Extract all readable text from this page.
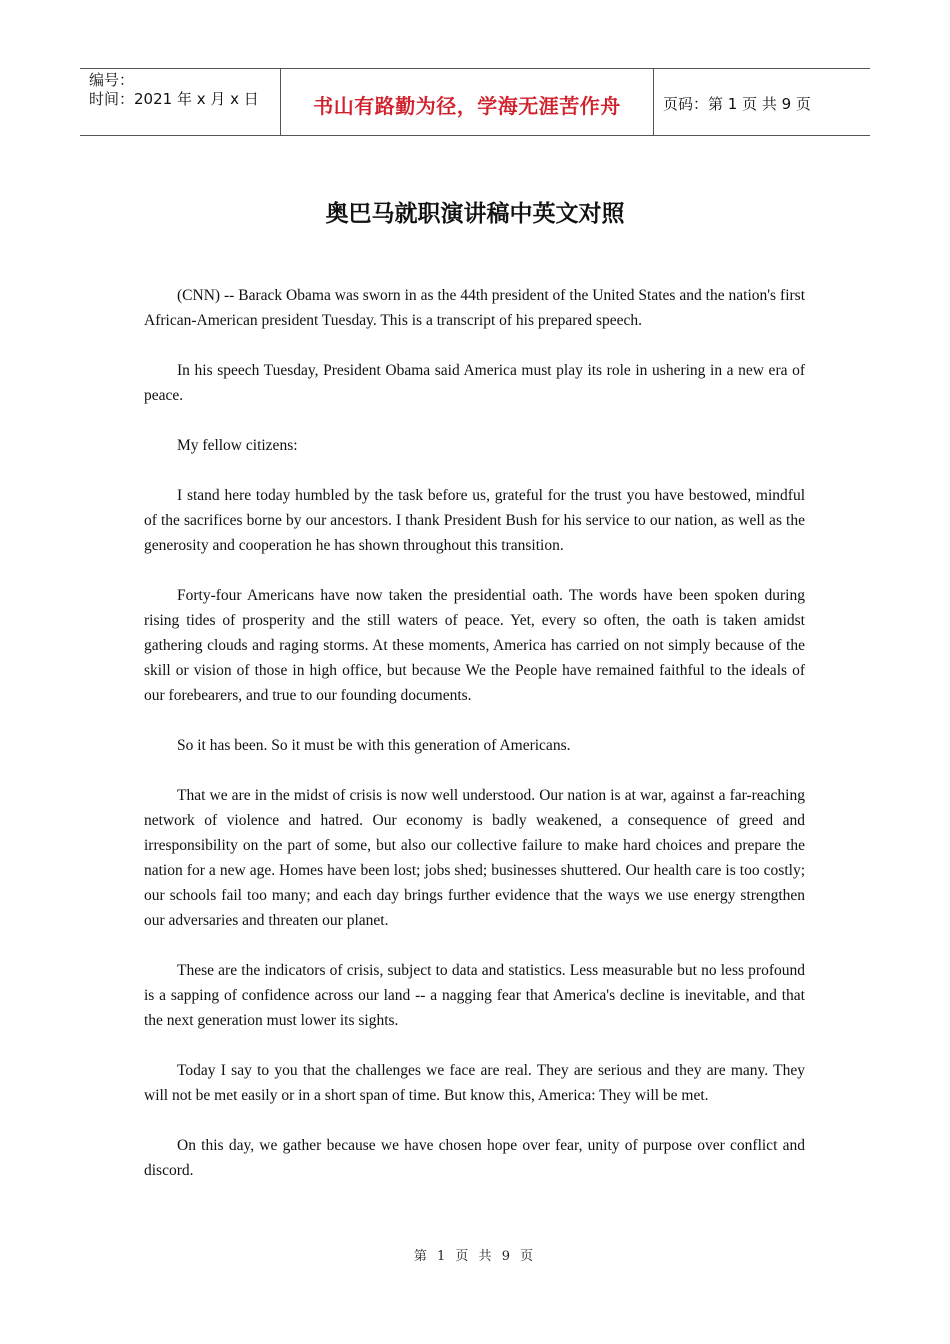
编号：
时间：2021 年 x 月 x 日	书山有路勤为径，学海无涯苦作舟	页码：第 1 页 共 9 页
奥巴马就职演讲稿中英文对照

(CNN) -- Barack Obama was sworn in as the 44th president of the United States and the nation's first African-American president Tuesday. This is a transcript of his prepared speech.

In his speech Tuesday, President Obama said America must play its role in ushering in a new era of peace.

My fellow citizens:

I stand here today humbled by the task before us, grateful for the trust you have bestowed, mindful of the sacrifices borne by our ancestors. I thank President Bush for his service to our nation, as well as the generosity and cooperation he has shown throughout this transition.

Forty-four Americans have now taken the presidential oath. The words have been spoken during rising tides of prosperity and the still waters of peace. Yet, every so often, the oath is taken amidst gathering clouds and raging storms. At these moments, America has carried on not simply because of the skill or vision of those in high office, but because We the People have remained faithful to the ideals of our forebearers, and true to our founding documents.

So it has been. So it must be with this generation of Americans.

That we are in the midst of crisis is now well understood. Our nation is at war, against a far-reaching network of violence and hatred. Our economy is badly weakened, a consequence of greed and irresponsibility on the part of some, but also our collective failure to make hard choices and prepare the nation for a new age. Homes have been lost; jobs shed; businesses shuttered. Our health care is too costly; our schools fail too many; and each day brings further evidence that the ways we use energy strengthen our adversaries and threaten our planet.

These are the indicators of crisis, subject to data and statistics. Less measurable but no less profound is a sapping of confidence across our land -- a nagging fear that America's decline is inevitable, and that the next generation must lower its sights.

Today I say to you that the challenges we face are real. They are serious and they are many. They will not be met easily or in a short span of time. But know this, America: They will be met.

On this day, we gather because we have chosen hope over fear, unity of purpose over conflict and discord.

第 1 页 共 9 页
